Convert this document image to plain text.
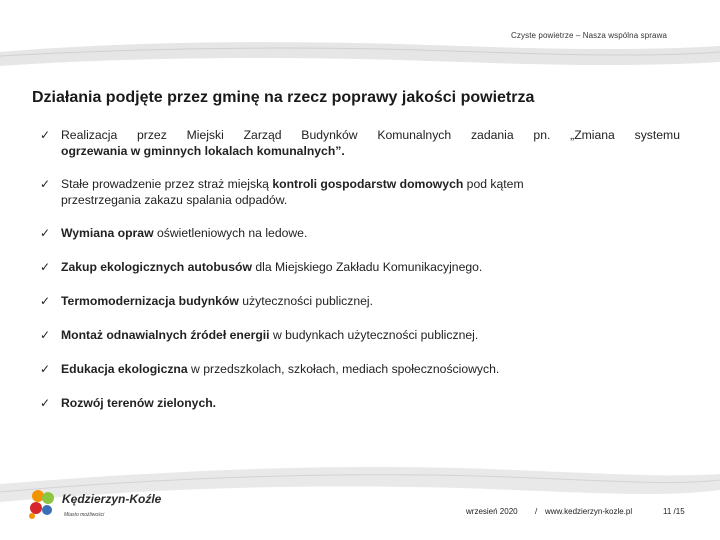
Czyste powietrze – Nasza wspólna sprawa
Działania podjęte przez gminę na rzecz poprawy jakości powietrza
✓ Realizacja przez Miejski Zarząd Budynków Komunalnych zadania pn. „Zmiana systemu
ogrzewania w gminnych lokalach komunalnych”.
✓ Stałe prowadzenie przez straż miejską kontroli gospodarstw domowych pod kątem
przestrzegania zakazu spalania odpadów.
✓ Wymiana opraw oświetleniowych na ledowe.
✓ Zakup ekologicznych autobusów dla Miejskiego Zakładu Komunikacyjnego.
✓ Termomodernizacja budynków użyteczności publicznej.
✓ Montaż odnawialnych źródeł energii w budynkach użyteczności publicznej.
✓ Edukacja ekologiczna w przedszkolach, szkołach, mediach społecznościowych.
✓ Rozwój terenów zielonych.
Kędzierzyn-Koźle
Miasto możliwości	wrzesień 2020 / www.kedzierzyn-kozle.pl	11 /15
